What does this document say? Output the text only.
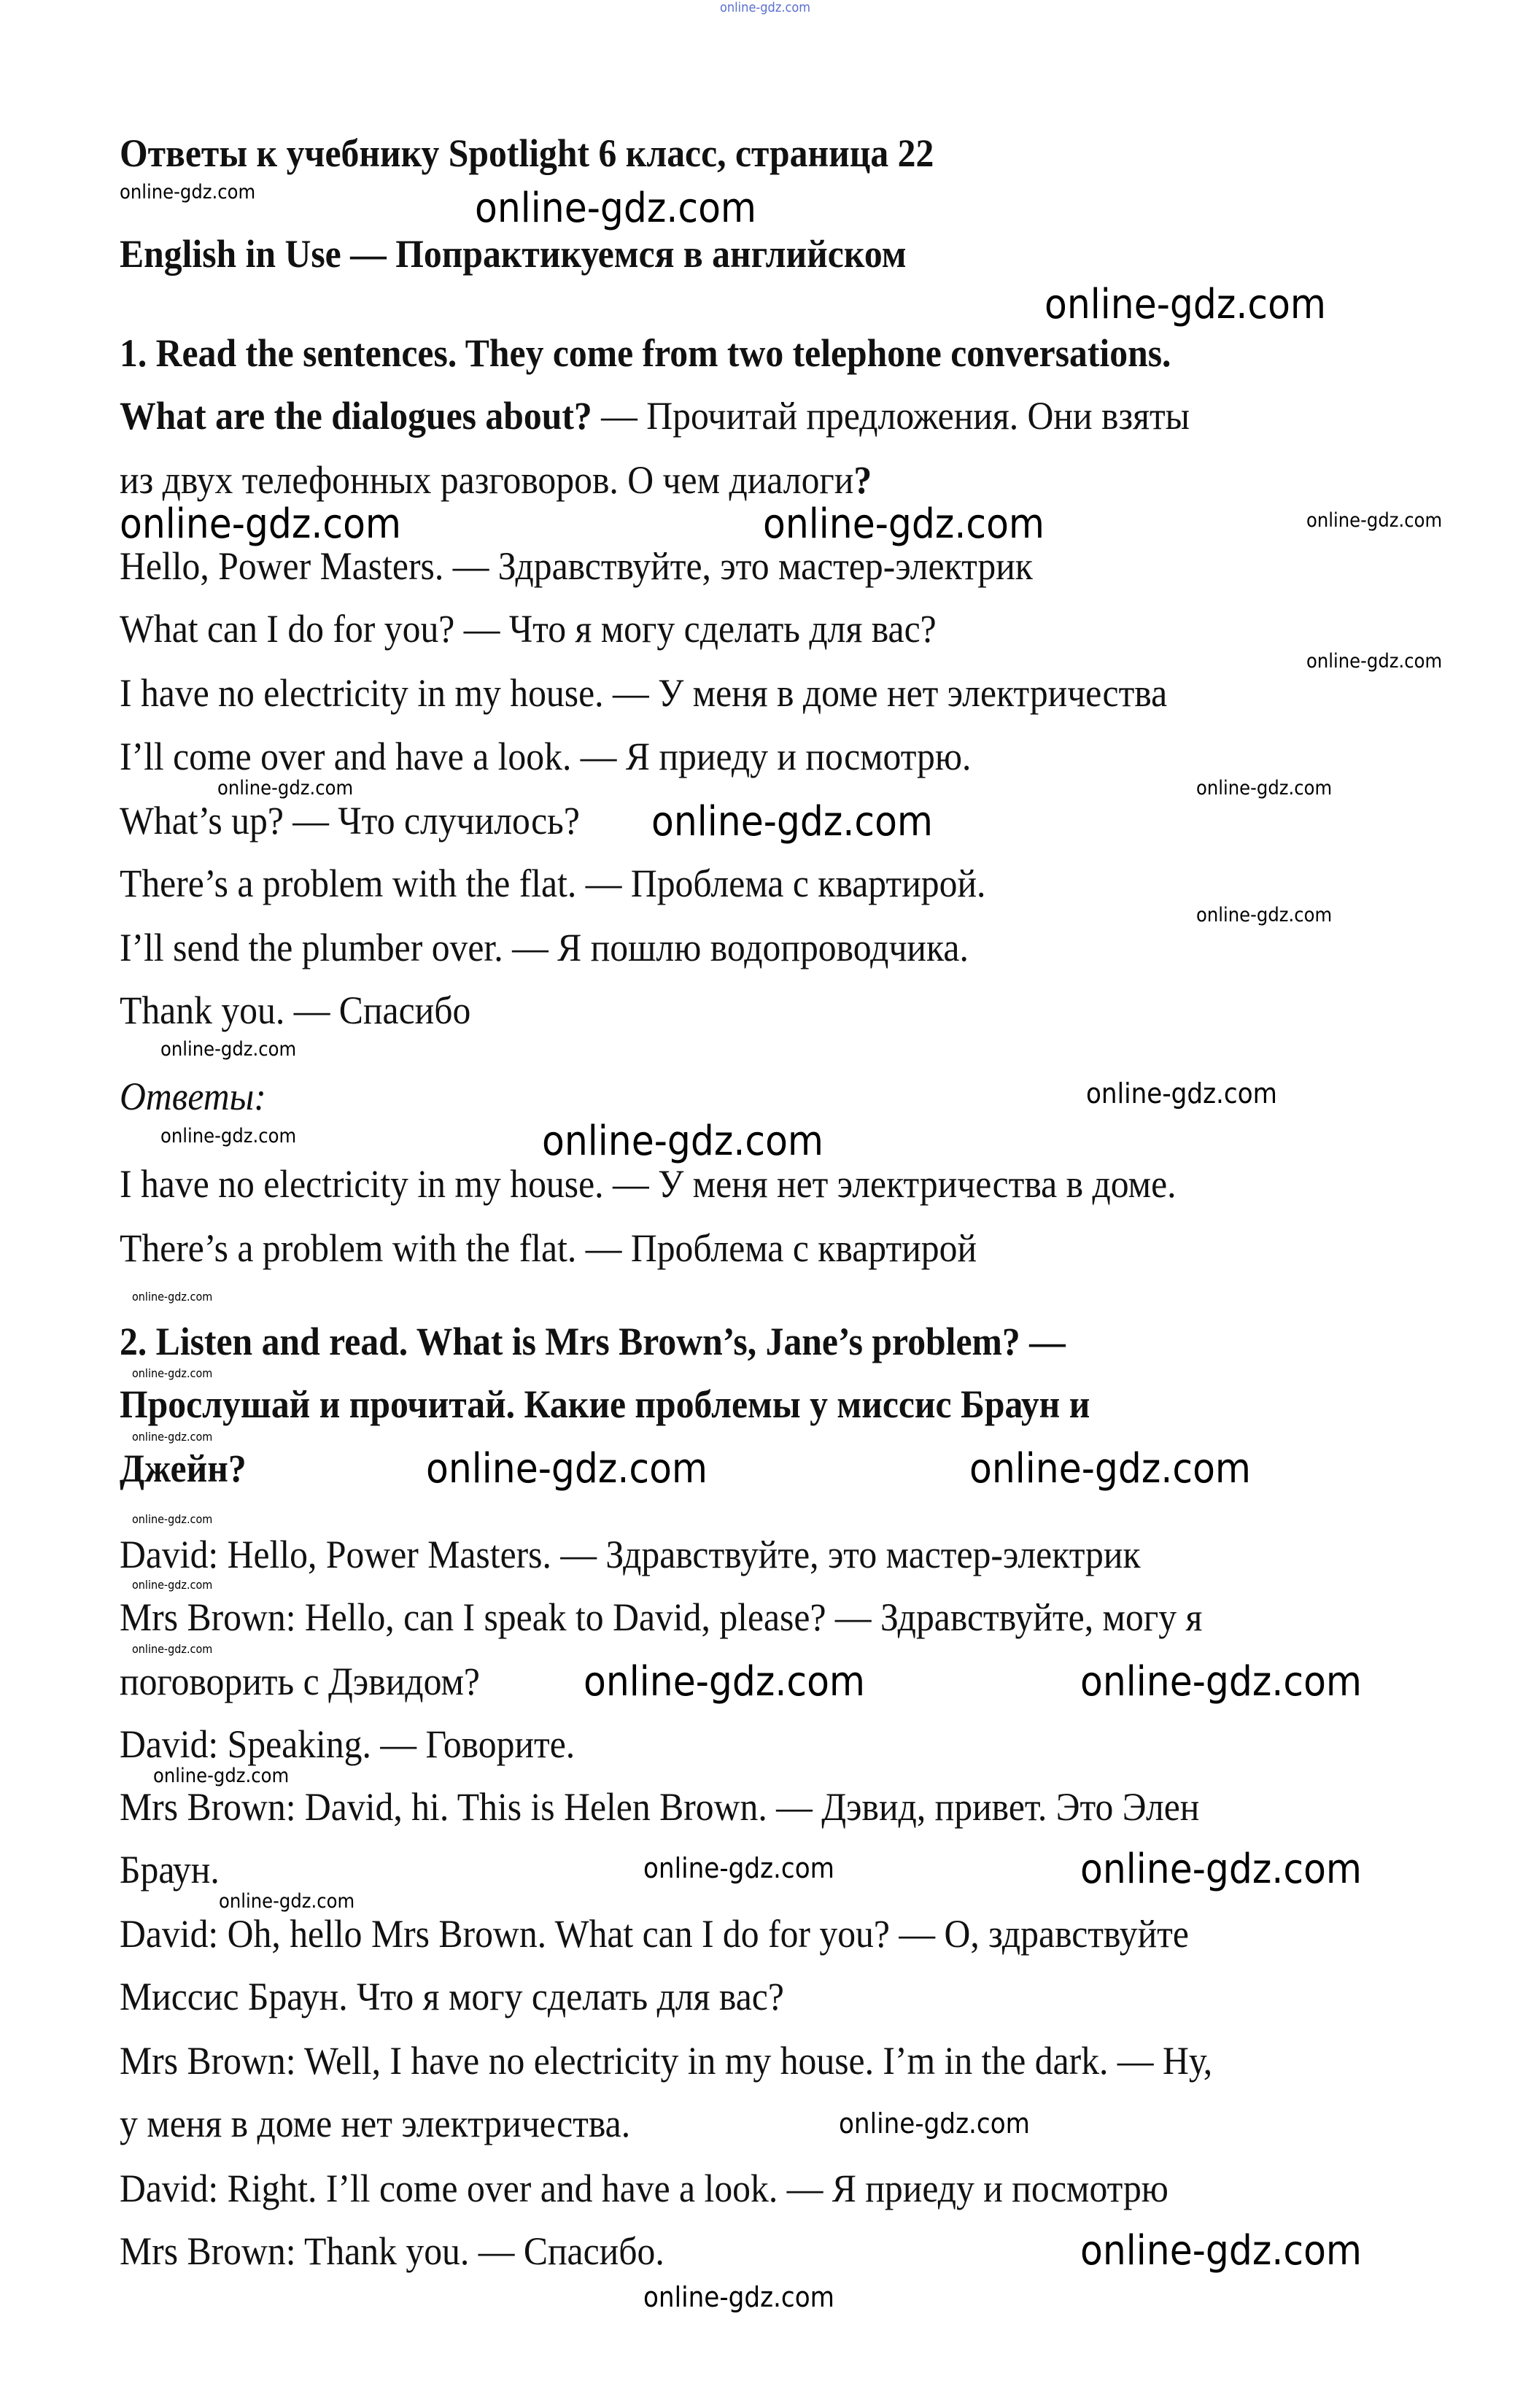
Ответы к учебнику Spotlight 6 класс, страница 22
English in Use — Попрактикуемся в английском
1. Read the sentences. They come from two telephone conversations.
What are the dialogues about? — Прочитай предложения. Они взяты
из двух телефонных разговоров. О чем диалоги?
Hello, Power Masters. — Здравствуйте, это мастер-электрик
What can I do for you? — Что я могу сделать для вас?
I have no electricity in my house. — У меня в доме нет электричества
I’ll come over and have a look. — Я приеду и посмотрю.
What’s up? — Что случилось?
There’s a problem with the flat. — Проблема с квартирой.
I’ll send the plumber over. — Я пошлю водопроводчика.
Thank you. — Спасибо
Ответы:
I have no electricity in my house. — У меня нет электричества в доме.
There’s a problem with the flat. — Проблема с квартирой
2. Listen and read. What is Mrs Brown’s, Jane’s problem? —
Прослушай и прочитай. Какие проблемы у миссис Браун и
Джейн?
David: Hello, Power Masters. — Здравствуйте, это мастер-электрик
Mrs Brown: Hello, can I speak to David, please? — Здравствуйте, могу я
поговорить с Дэвидом?
David: Speaking. — Говорите.
Mrs Brown: David, hi. This is Helen Brown. — Дэвид, привет. Это Элен
Браун.
David: Oh, hello Mrs Brown. What can I do for you? — О, здравствуйте
Миссис Браун. Что я могу сделать для вас?
Mrs Brown: Well, I have no electricity in my house. I’m in the dark. — Ну,
у меня в доме нет электричества.
David: Right. I’ll come over and have a look. — Я приеду и посмотрю
Mrs Brown: Thank you. — Спасибо.
online-gdz.com
online-gdz.com	online-gdz.com
online-gdz.com
online-gdz.com	online-gdz.com	online-gdz.com
online-gdz.com
online-gdz.com	online-gdz.com
online-gdz.com
online-gdz.com
online-gdz.com
online-gdz.com
online-gdz.com	online-gdz.com
online-gdz.com
online-gdz.com
online-gdz.com
online-gdz.com	online-gdz.com
online-gdz.com
online-gdz.com
online-gdz.com
online-gdz.com	online-gdz.com
online-gdz.com
online-gdz.com
online-gdz.com	online-gdz.com
online-gdz.com
online-gdz.com
online-gdz.com
